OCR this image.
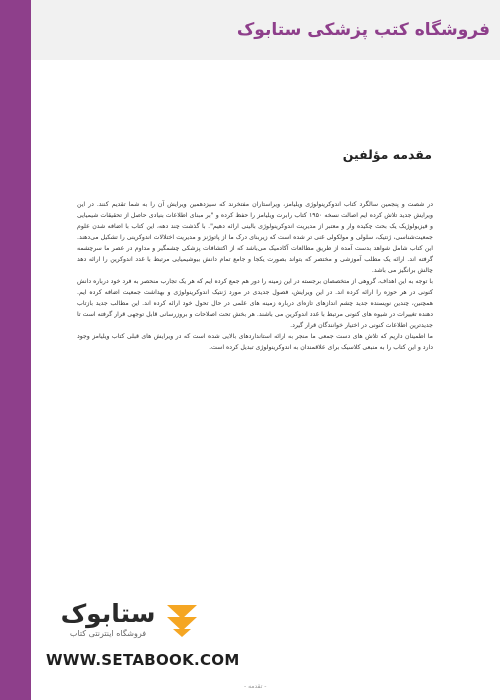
فروشگاه کتب پزشکی ستابوک
مقدمه مؤلفین

در شصت و پنجمین سالگرد کتاب اندوکرینولوژی ویلیامز، ویراستاران مفتخرند که سیزدهمین ویرایش آن را به شما تقدیم کنند. در این ویرایش جدید تلاش کرده ایم اصالت نسخه ۱۹۵۰ کتاب رابرت ویلیامز را حفظ کرده و "بر مبنای اطلاعات بنیادی حاصل از تحقیقات شیمیایی و فیزیولوژیک یک بحث چکیده وار و معتبر از مدیریت اندوکرینولوژی بالینی ارائه دهیم". با گذشت چند دهه، این کتاب با اضافه شدن علوم جمعیت‌شناسی، ژنتیک، سلولی و مولکولی غنی تر شده است که زیربنای درک ما از پاتوژنز و مدیریت اختلالات اندوکرینی را تشکیل می‌دهند. این کتاب شامل شواهد بدست آمده از طریق مطالعات آکادمیک می‌باشد که از اکتشافات پزشکی چشمگیر و مداوم در عصر ما سرچشمه گرفته اند. ارائه یک مطلب آموزشی و مختصر که بتواند بصورت یکجا و جامع تمام دانش بیوشیمیایی مرتبط با غدد اندوکرین را ارائه دهد چالش برانگیز می باشد.

با توجه به این اهداف، گروهی از متخصصان برجسته در این زمینه را دور هم جمع کرده ایم که هر یک تجارب منحصر به فرد خود درباره دانش کنونی در هر حوزه را ارائه کرده اند. در این ویرایش، فصول جدیدی در مورد ژنتیک اندوکرینولوژی و بهداشت جمعیت اضافه کرده ایم. همچنین، چندین نویسنده جدید چشم اندازهای تازه‌ای درباره زمینه های علمی در حال تحول خود ارائه کرده اند. این مطالب جدید بازتاب دهنده تغییرات در شیوه های کنونی مرتبط با غدد اندوکرین می باشند. هر بخش تحت اصلاحات و بروزرسانی قابل توجهی قرار گرفته است تا جدیدترین اطلاعات کنونی در اختیار خوانندگان قرار گیرد.

ما اطمینان داریم که تلاش های دست جمعی ما منجر به ارائه استانداردهای بالایی شده است که در ویرایش های قبلی کتاب ویلیامز وجود دارد و این کتاب را به منبعی کلاسیک برای علاقمندان به اندوکرینولوژی تبدیل کرده است.

ستابوک
فروشگاه اینترنتی کتاب
WWW.SETABOOK.COM
- تقدمه -
